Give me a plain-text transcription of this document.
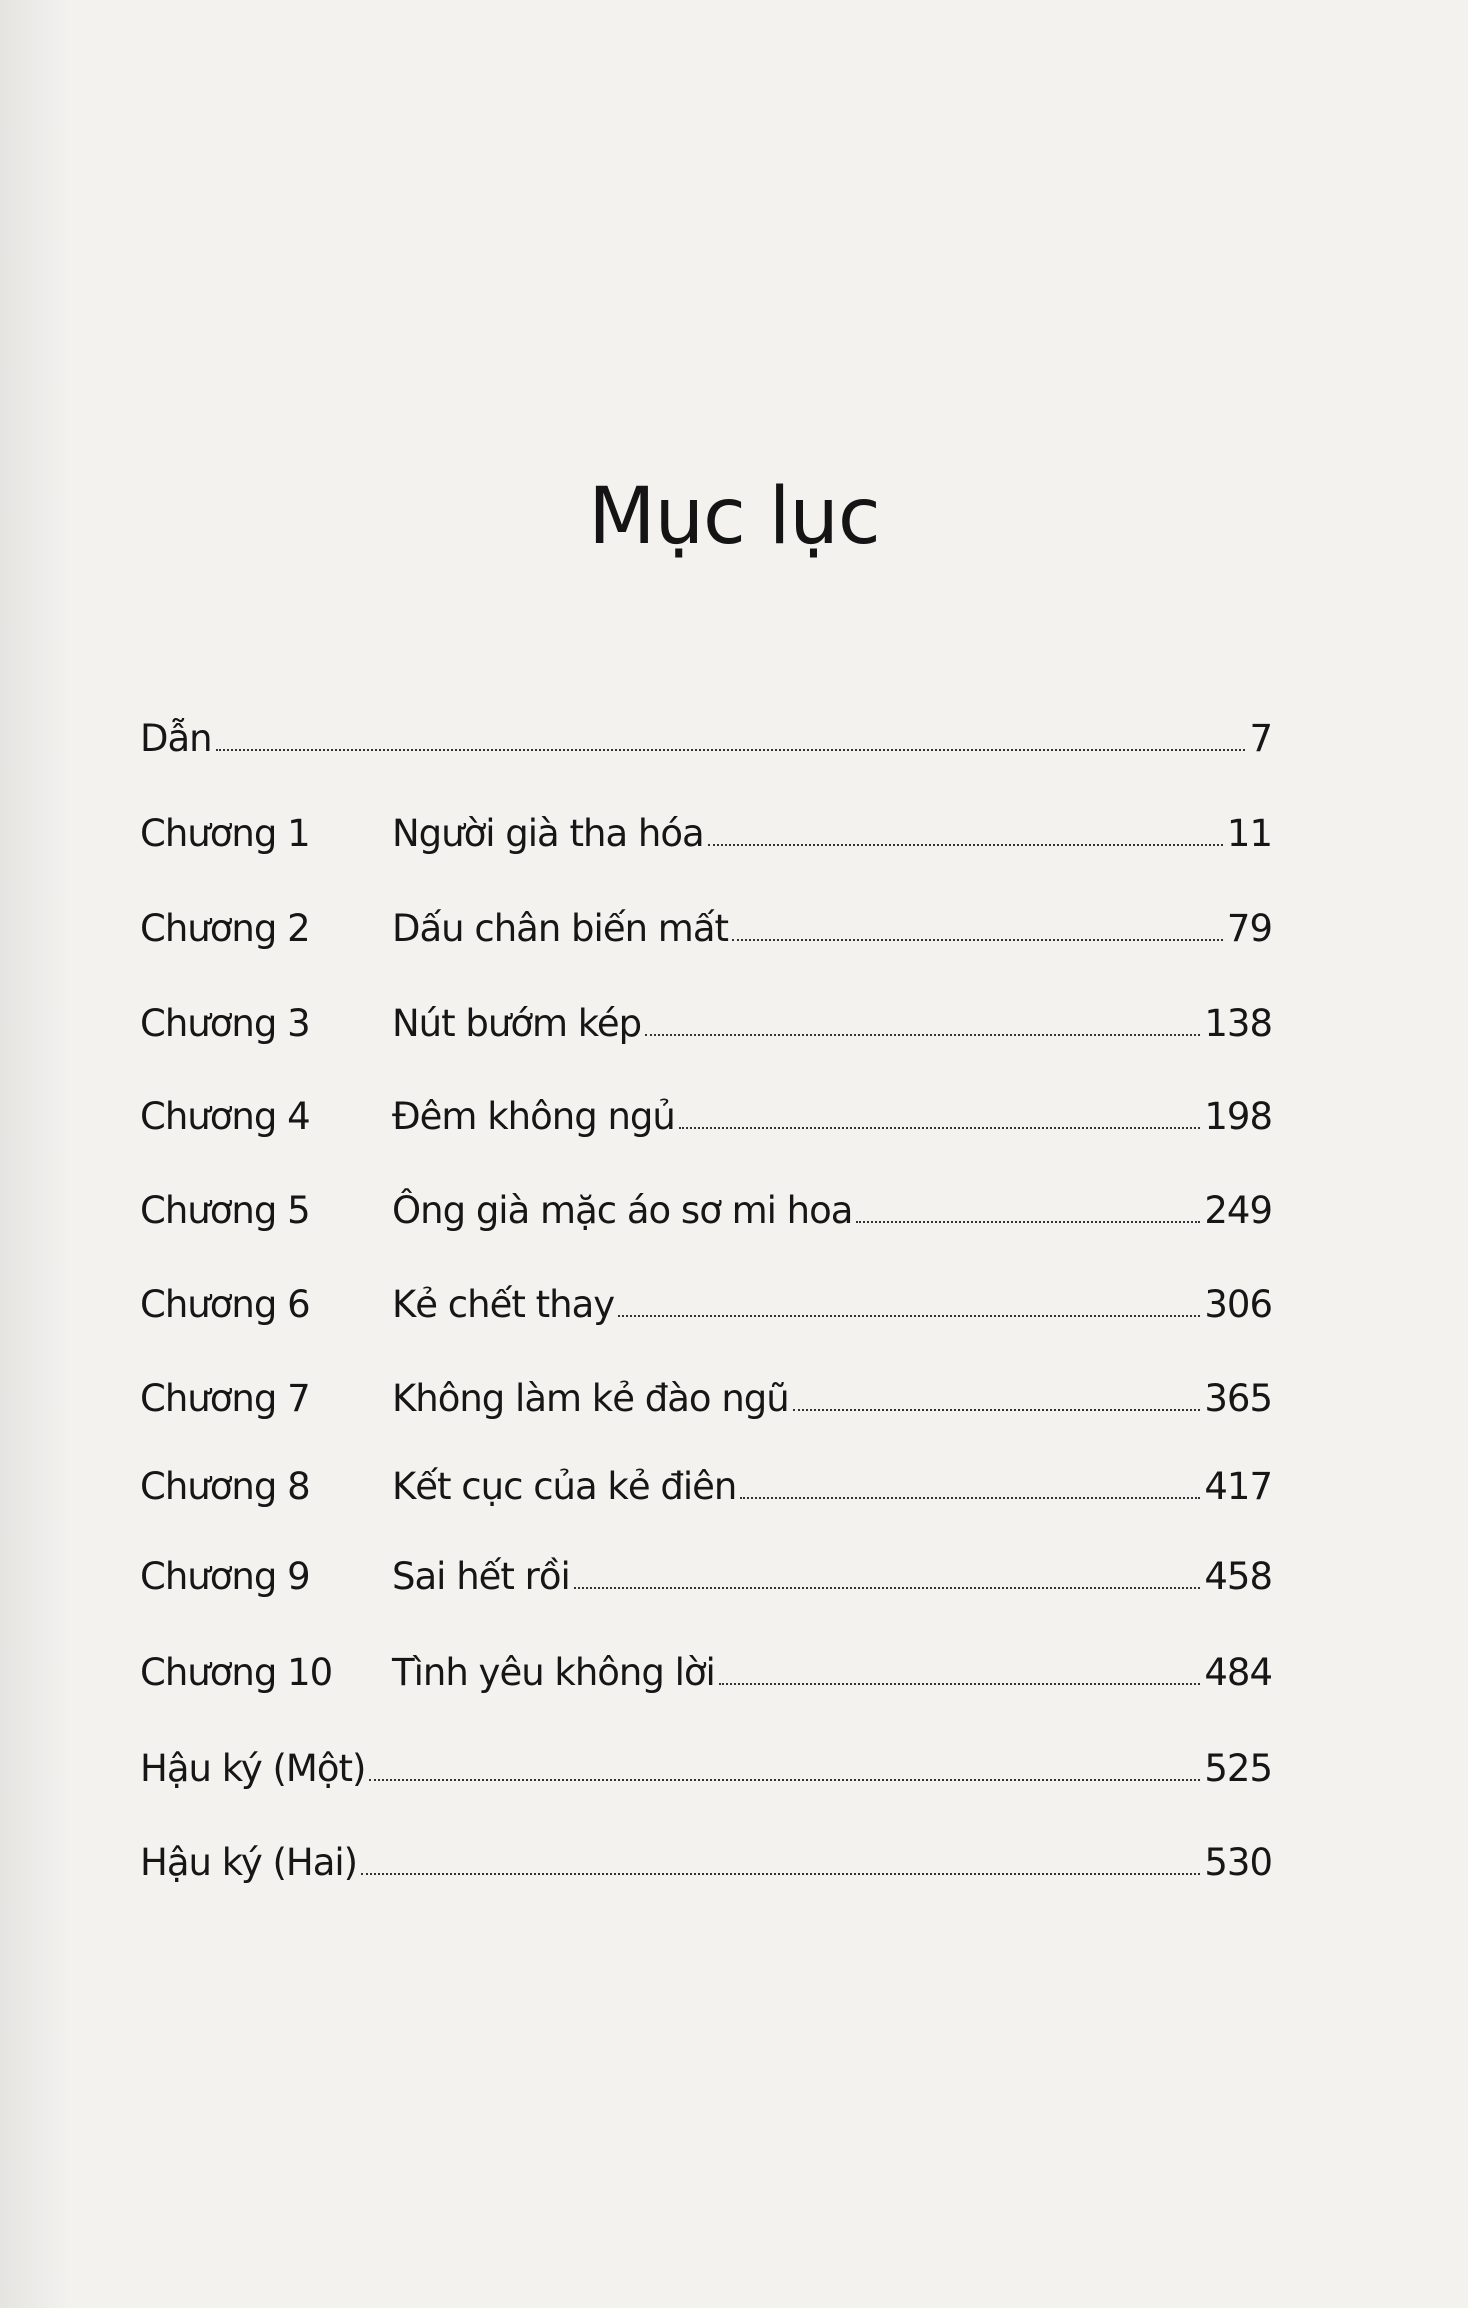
Mục lục
Dẫn	7
Chương 1	Người già tha hóa	11
Chương 2	Dấu chân biến mất	79
Chương 3	Nút bướm kép	138
Chương 4	Đêm không ngủ	198
Chương 5	Ông già mặc áo sơ mi hoa	249
Chương 6	Kẻ chết thay	306
Chương 7	Không làm kẻ đào ngũ	365
Chương 8	Kết cục của kẻ điên	417
Chương 9	Sai hết rồi	458
Chương 10	Tình yêu không lời	484
Hậu ký (Một)	525
Hậu ký (Hai)	530
